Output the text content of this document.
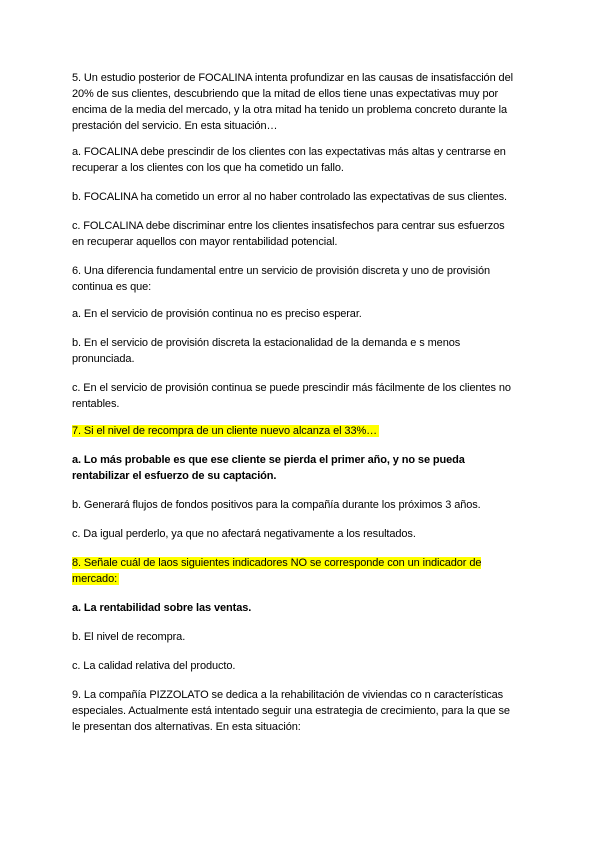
5. Un estudio posterior de FOCALINA intenta profundizar en las causas de insatisfacción del
20% de sus clientes, descubriendo que la mitad de ellos tiene unas expectativas muy por
encima de la media del mercado, y la otra mitad ha tenido un problema concreto durante la
prestación del servicio. En esta situación…

a. FOCALINA debe prescindir de los clientes con las expectativas más altas y centrarse en
recuperar a los clientes con los que ha cometido un fallo.

b. FOCALINA ha cometido un error al no haber controlado las expectativas de sus clientes.

c. FOLCALINA debe discriminar entre los clientes insatisfechos para centrar sus esfuerzos
en recuperar aquellos con mayor rentabilidad potencial.

6. Una diferencia fundamental entre un servicio de provisión discreta y uno de provisión
continua es que:

a. En el servicio de provisión continua no es preciso esperar.

b. En el servicio de provisión discreta la estacionalidad de la demanda e s menos
pronunciada.

c. En el servicio de provisión continua se puede prescindir más fácilmente de los clientes no
rentables.

7. Si el nivel de recompra de un cliente nuevo alcanza el 33%…

a. Lo más probable es que ese cliente se pierda el primer año, y no se pueda
rentabilizar el esfuerzo de su captación.

b. Generará flujos de fondos positivos para la compañía durante los próximos 3 años.

c. Da igual perderlo, ya que no afectará negativamente a los resultados.

8. Señale cuál de laos siguientes indicadores NO se corresponde con un indicador de
mercado:

a. La rentabilidad sobre las ventas.

b. El nivel de recompra.

c. La calidad relativa del producto.

9. La compañía PIZZOLATO se dedica a la rehabilitación de viviendas co n características
especiales. Actualmente está intentado seguir una estrategia de crecimiento, para la que se
le presentan dos alternativas. En esta situación:
